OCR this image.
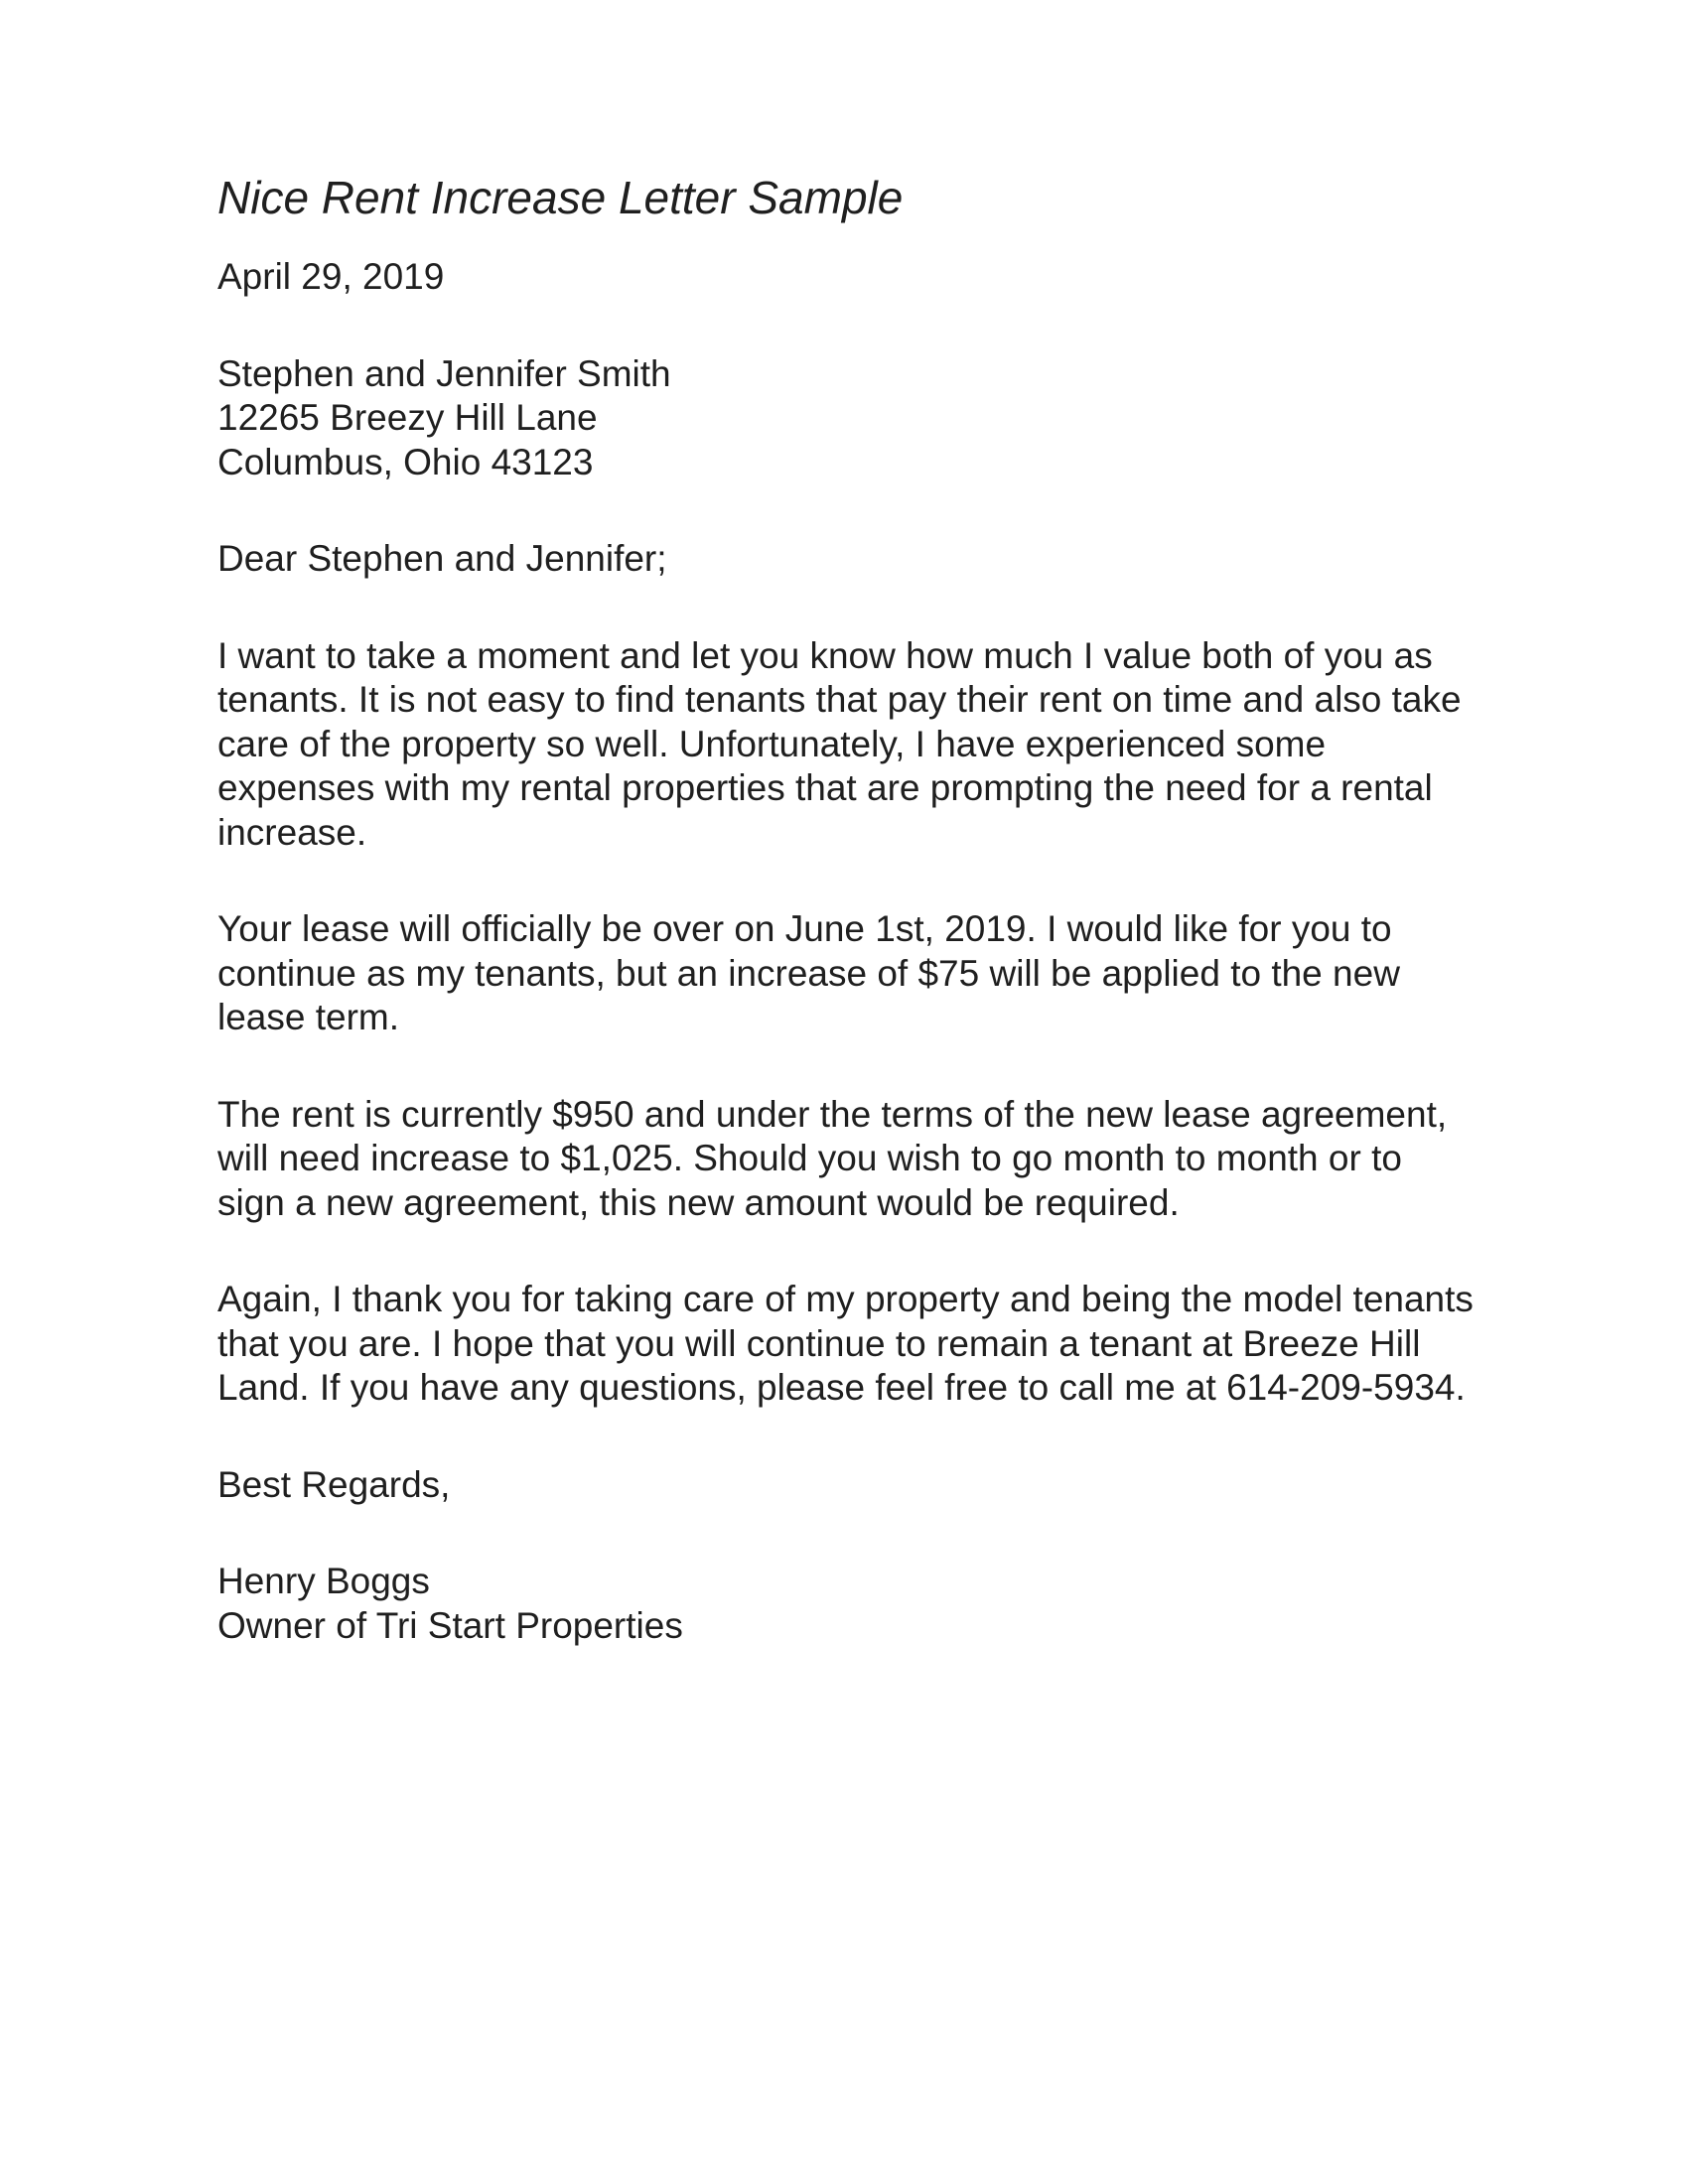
Nice Rent Increase Letter Sample
April 29, 2019
Stephen and Jennifer Smith
12265 Breezy Hill Lane
Columbus, Ohio 43123
Dear Stephen and Jennifer;
I want to take a moment and let you know how much I value both of you as tenants. It is not easy to find tenants that pay their rent on time and also take care of the property so well. Unfortunately, I have experienced some expenses with my rental properties that are prompting the need for a rental increase.
Your lease will officially be over on June 1st, 2019. I would like for you to continue as my tenants, but an increase of $75 will be applied to the new lease term.
The rent is currently $950 and under the terms of the new lease agreement, will need increase to $1,025. Should you wish to go month to month or to sign a new agreement, this new amount would be required.
Again, I thank you for taking care of my property and being the model tenants that you are. I hope that you will continue to remain a tenant at Breeze Hill Land. If you have any questions, please feel free to call me at 614-209-5934.
Best Regards,
Henry Boggs
Owner of Tri Start Properties
